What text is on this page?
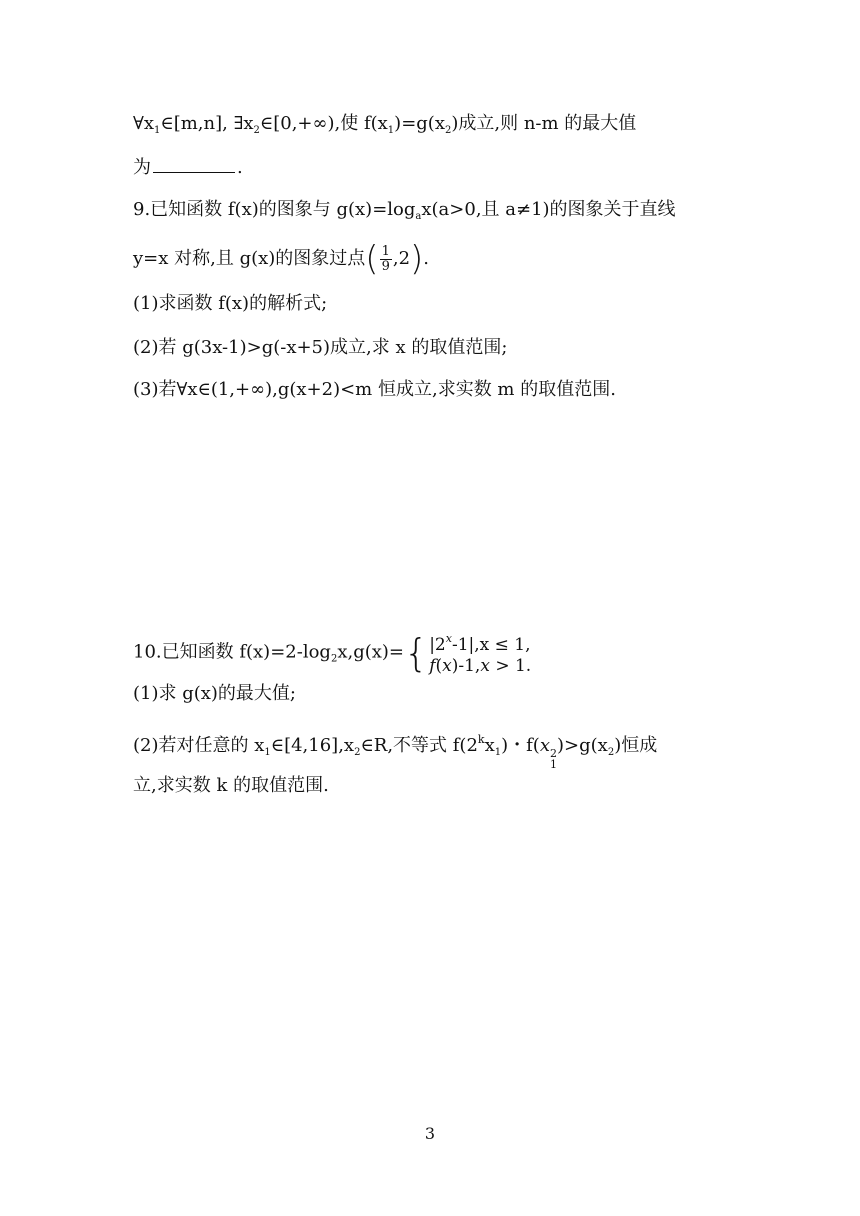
$\forall x_1\in[m,n]$, $\exists x_2\in[0,+\infty)$,使 $f(x_1)=g(x_2)$成立,则 n-m 的最大值
为	.
9.已知函数 f(x)的图象与 $g(x)=\log_ax(a>0$,且 a≠1)的图象关于直线
y=x 对称,且 g(x)的图象过点 ( $\frac{1}{9} ,2$ ) .
(1)求函数 f(x)的解析式;
(2)若 g(3x-1)>g(-x+5)成立,求 x 的取值范围;
(3)若∀x∈(1,+∞),g(x+2)<m 恒成立,求实数 m 的取值范围.
10.已知函数 $f(x)=2-\log_2x,g(x)=$ { $|2^x-1|,x \le 1$,
f(x)-1,x > 1.
(1)求 g(x)的最大值;
(2)若对任意的 $x_1\in[4,16],x_2\in R$,不等式 $f(2^kx_1)$・f(x 2
1
)$>g(x_2)$恒成
立,求实数 k 的取值范围.
3
